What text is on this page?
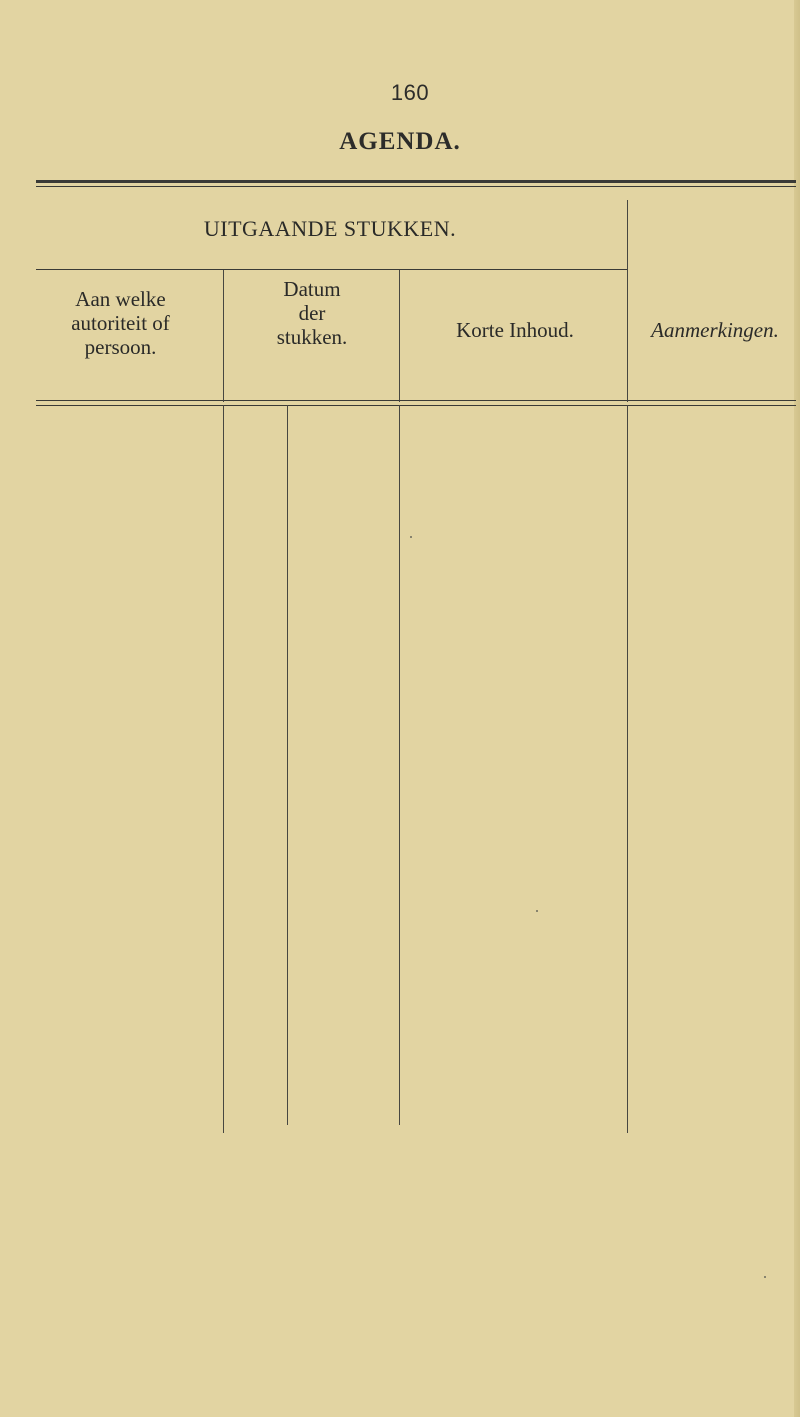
160
AGENDA.
UITGAANDE STUKKEN.
Aan welke
autoriteit of
persoon.
Datum
der
stukken.	Korte Inhoud.	Aanmerkingen.
